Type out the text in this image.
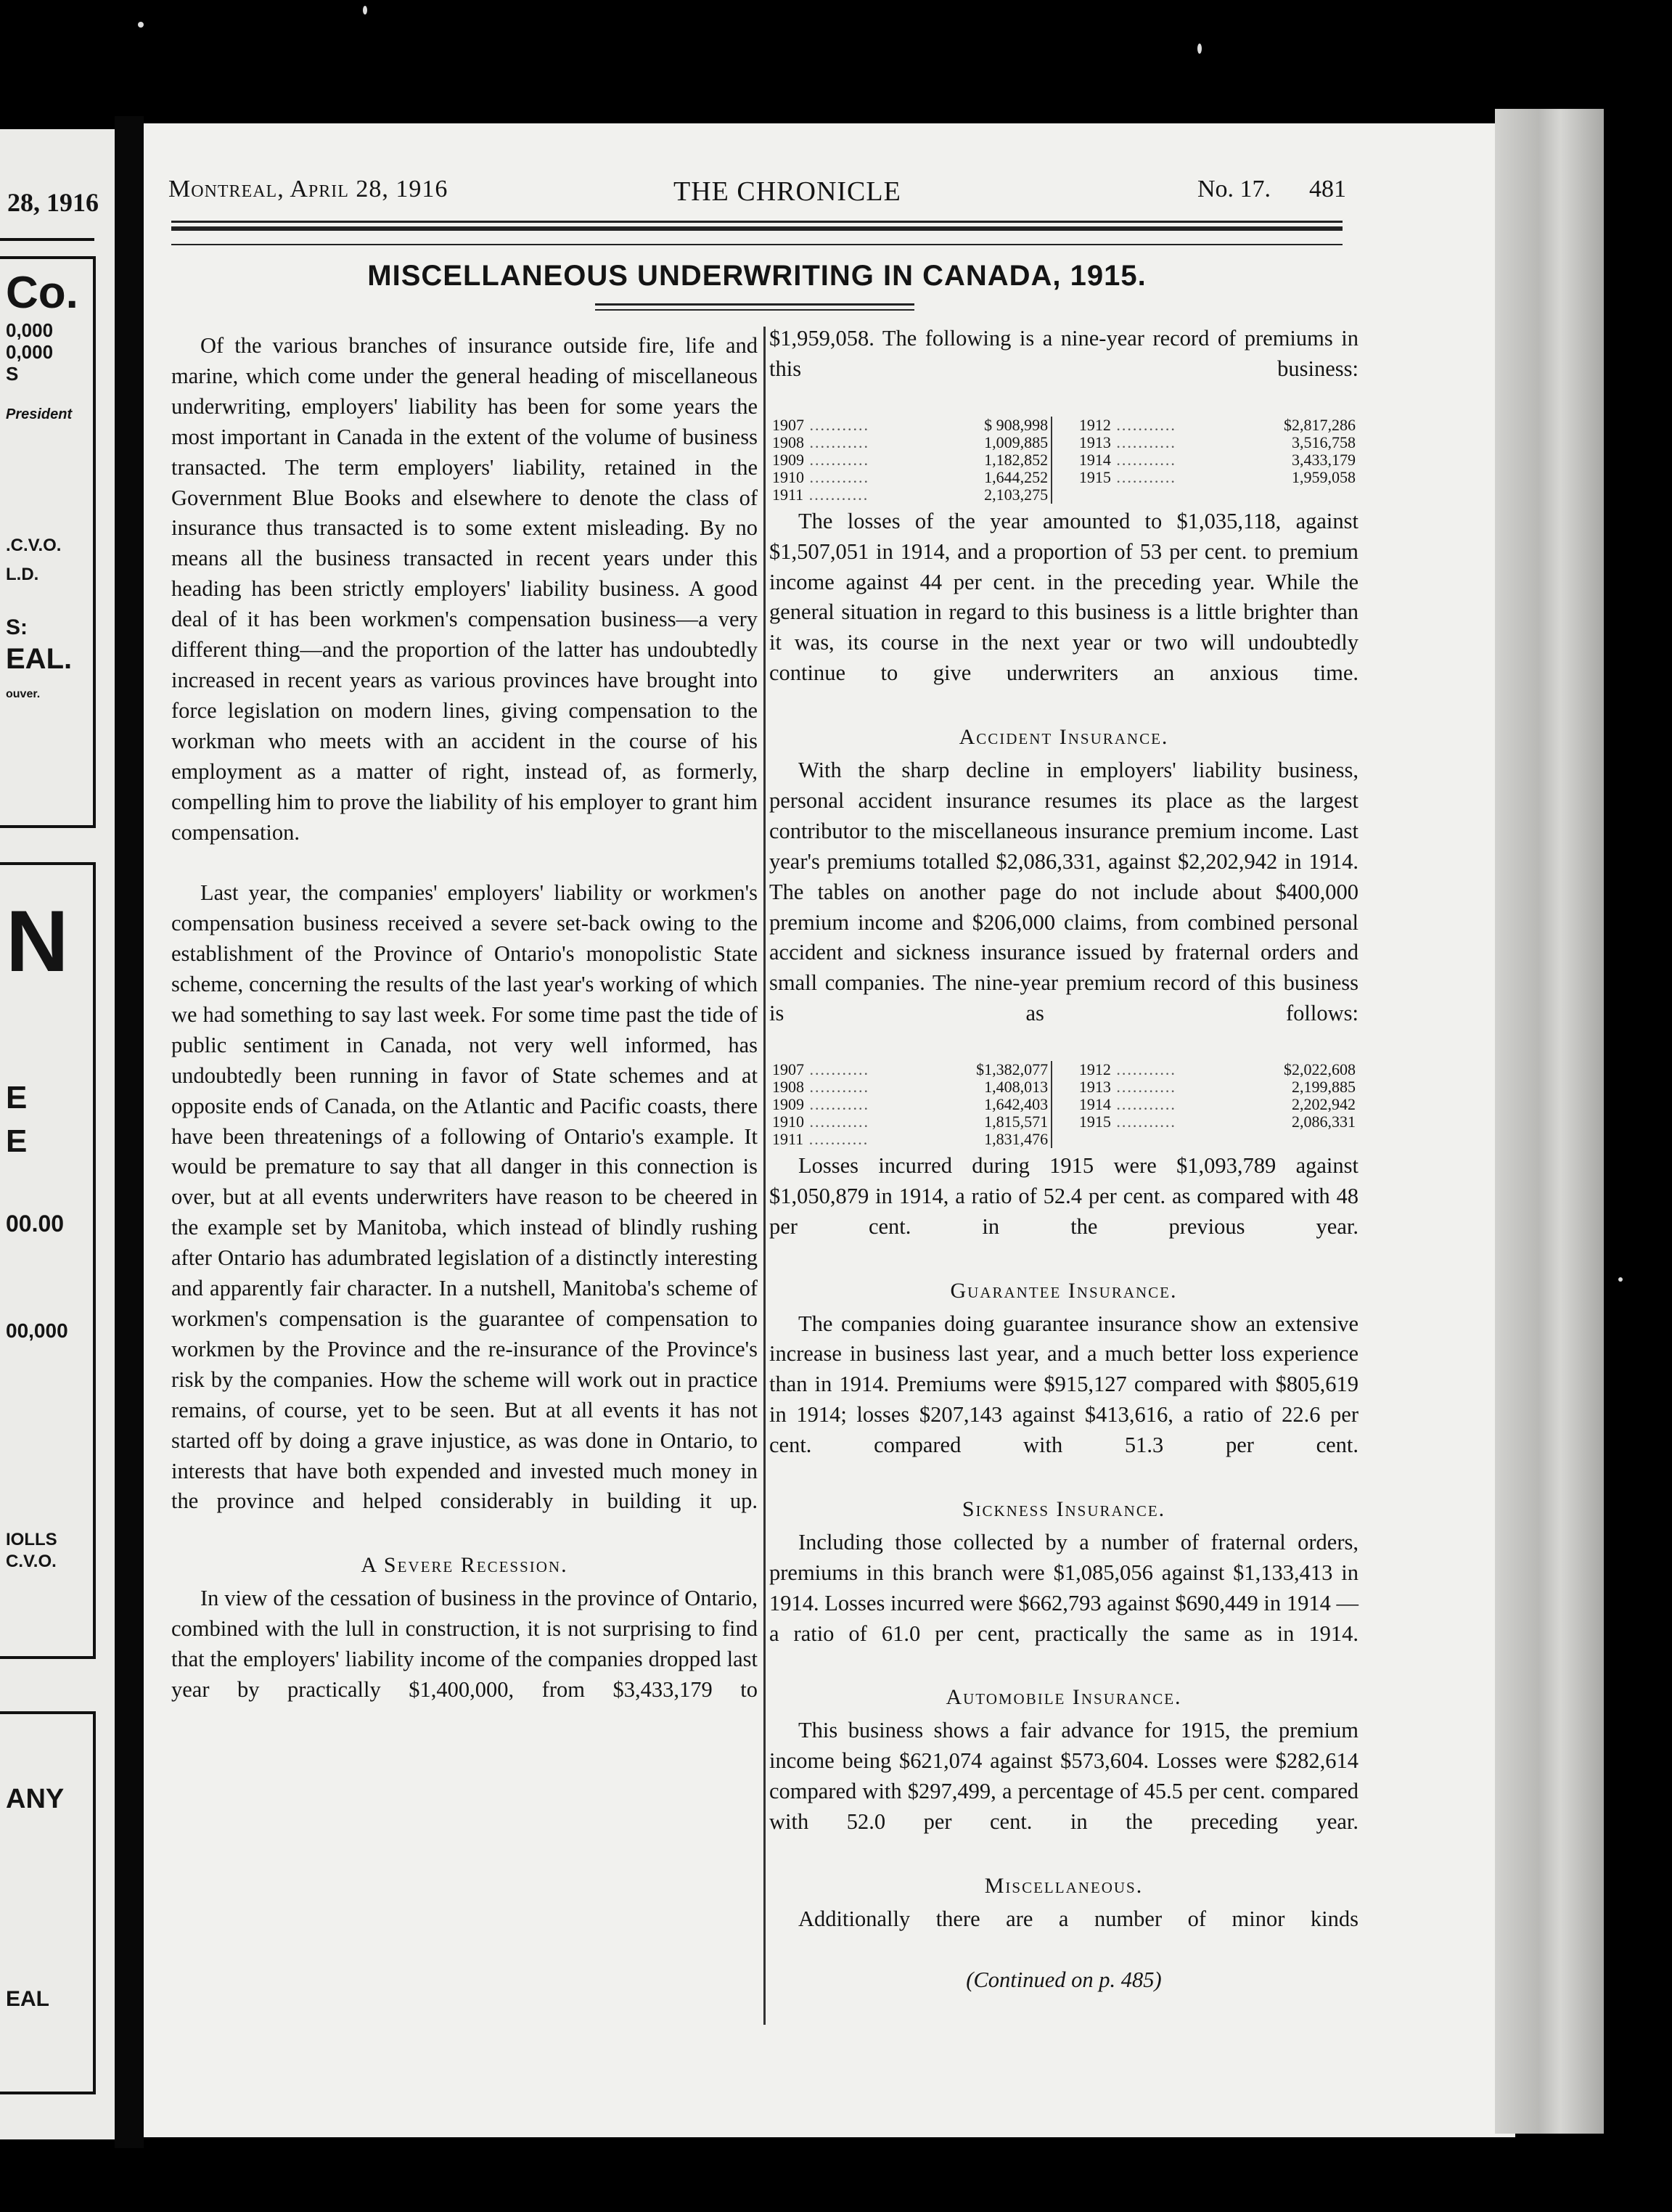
28, 1916
Co.
0,000
0,000
S
President
.C.V.O.
L.D.
S:
EAL.
ouver.
N
E
E
00.00
00,000
IOLLS
C.V.O.
ANY
EAL
Montreal, April 28, 1916	THE CHRONICLE	No. 17. 481
MISCELLANEOUS UNDERWRITING IN CANADA, 1915.

Of the various branches of insurance outside fire, life and marine, which come under the general heading of miscellaneous underwriting, employers' liability has been for some years the most important in Canada in the extent of the volume of business transacted. The term employers' liability, retained in the Government Blue Books and elsewhere to denote the class of insurance thus transacted is to some extent misleading. By no means all the business transacted in recent years under this heading has been strictly employers' liability business. A good deal of it has been workmen's compensation business—a very different thing—and the proportion of the latter has undoubtedly increased in recent years as various provinces have brought into force legislation on modern lines, giving compensation to the workman who meets with an accident in the course of his employment as a matter of right, instead of, as formerly, compelling him to prove the liability of his employer to grant him compensation.

Last year, the companies' employers' liability or workmen's compensation business received a severe set-back owing to the establishment of the Province of Ontario's monopolistic State scheme, concerning the results of the last year's working of which we had something to say last week. For some time past the tide of public sentiment in Canada, not very well informed, has undoubtedly been running in favor of State schemes and at opposite ends of Canada, on the Atlantic and Pacific coasts, there have been threatenings of a following of Ontario's example. It would be premature to say that all danger in this connection is over, but at all events underwriters have reason to be cheered in the example set by Manitoba, which instead of blindly rushing after Ontario has adumbrated legislation of a distinctly interesting and apparently fair character. In a nutshell, Manitoba's scheme of workmen's compensation is the guarantee of compensation to workmen by the Province and the re-insurance of the Province's risk by the companies. How the scheme will work out in practice remains, of course, yet to be seen. But at all events it has not started off by doing a grave injustice, as was done in Ontario, to interests that have both expended and invested much money in the province and helped considerably in building it up.

A Severe Recession.

In view of the cessation of business in the province of Ontario, combined with the lull in construction, it is not surprising to find that the employers' liability income of the companies dropped last year by practically $1,400,000, from $3,433,179 to

$1,959,058. The following is a nine-year record of premiums in this business:

1907 ...........	$ 908,998		1912 ...........	$2,817,286
1908 ...........	1,009,885		1913 ...........	3,516,758
1909 ...........	1,182,852		1914 ...........	3,433,179
1910 ...........	1,644,252		1915 ...........	1,959,058
1911 ...........	2,103,275			

The losses of the year amounted to $1,035,118, against $1,507,051 in 1914, and a proportion of 53 per cent. to premium income against 44 per cent. in the preceding year. While the general situation in regard to this business is a little brighter than it was, its course in the next year or two will undoubtedly continue to give underwriters an anxious time.

Accident Insurance.

With the sharp decline in employers' liability business, personal accident insurance resumes its place as the largest contributor to the miscellaneous insurance premium income. Last year's premiums totalled $2,086,331, against $2,202,942 in 1914. The tables on another page do not include about $400,000 premium income and $206,000 claims, from combined personal accident and sickness insurance issued by fraternal orders and small companies. The nine-year premium record of this business is as follows:

1907 ...........	$1,382,077		1912 ...........	$2,022,608
1908 ...........	1,408,013		1913 ...........	2,199,885
1909 ...........	1,642,403		1914 ...........	2,202,942
1910 ...........	1,815,571		1915 ...........	2,086,331
1911 ...........	1,831,476			

Losses incurred during 1915 were $1,093,789 against $1,050,879 in 1914, a ratio of 52.4 per cent. as compared with 48 per cent. in the previous year.

Guarantee Insurance.

The companies doing guarantee insurance show an extensive increase in business last year, and a much better loss experience than in 1914. Premiums were $915,127 compared with $805,619 in 1914; losses $207,143 against $413,616, a ratio of 22.6 per cent. compared with 51.3 per cent.

Sickness Insurance.

Including those collected by a number of fraternal orders, premiums in this branch were $1,085,056 against $1,133,413 in 1914. Losses incurred were $662,793 against $690,449 in 1914 —a ratio of 61.0 per cent, practically the same as in 1914.

Automobile Insurance.

This business shows a fair advance for 1915, the premium income being $621,074 against $573,604. Losses were $282,614 compared with $297,499, a percentage of 45.5 per cent. compared with 52.0 per cent. in the preceding year.

Miscellaneous.

Additionally there are a number of minor kinds

(Continued on p. 485)
